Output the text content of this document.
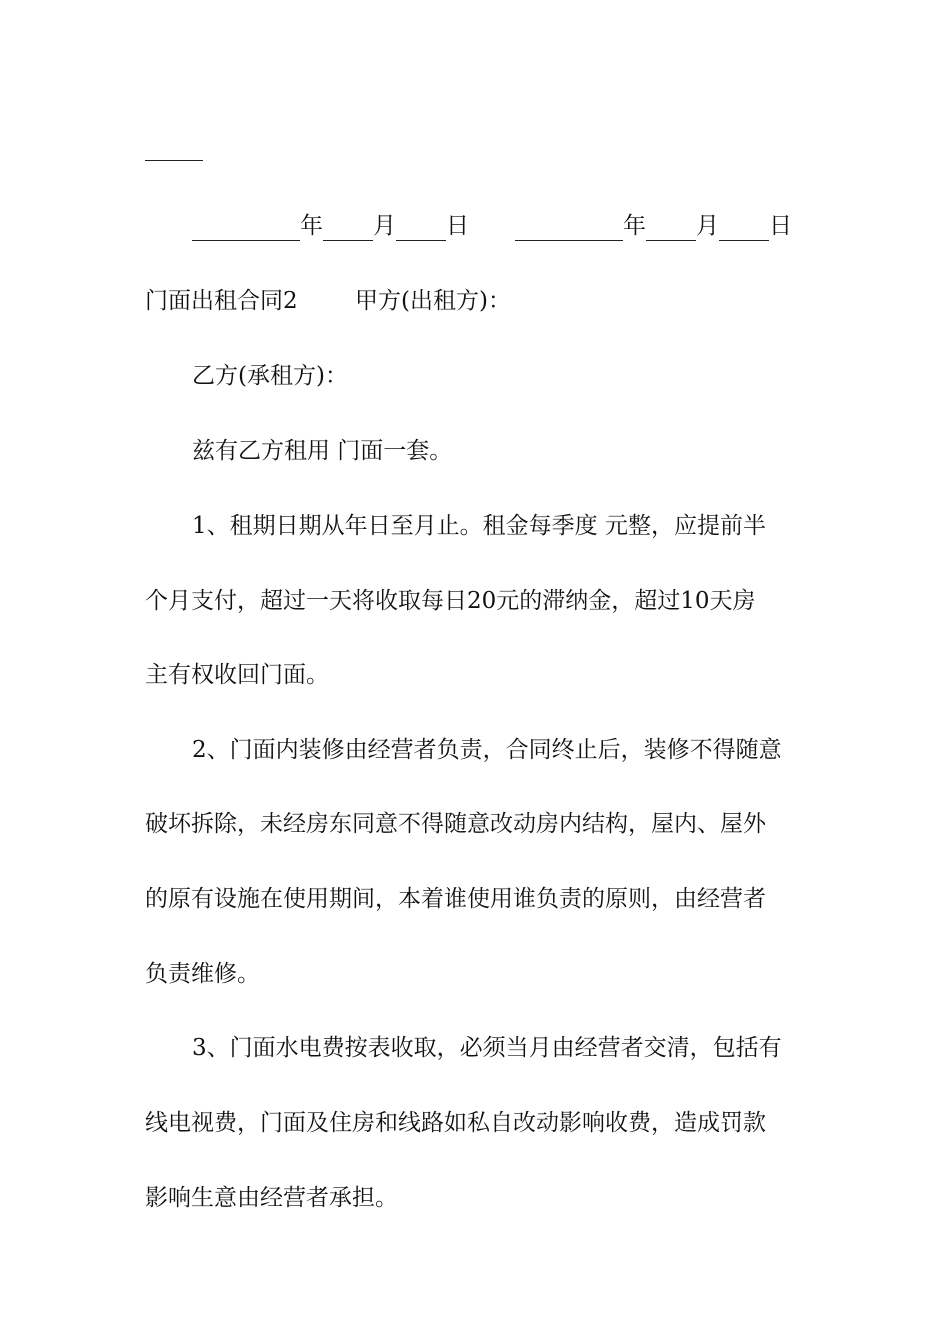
年 月 日	年 月 日
门面出租合同2	甲方(出租方)：
乙方(承租方)：
兹有乙方租用 门面一套。
1、租期日期从年日至月止。租金每季度 元整，应提前半
个月支付，超过一天将收取每日20元的滞纳金，超过10天房
主有权收回门面。
2、门面内装修由经营者负责，合同终止后，装修不得随意
破坏拆除，未经房东同意不得随意改动房内结构，屋内、屋外
的原有设施在使用期间，本着谁使用谁负责的原则，由经营者
负责维修。
3、门面水电费按表收取，必须当月由经营者交清，包括有
线电视费，门面及住房和线路如私自改动影响收费，造成罚款
影响生意由经营者承担。
